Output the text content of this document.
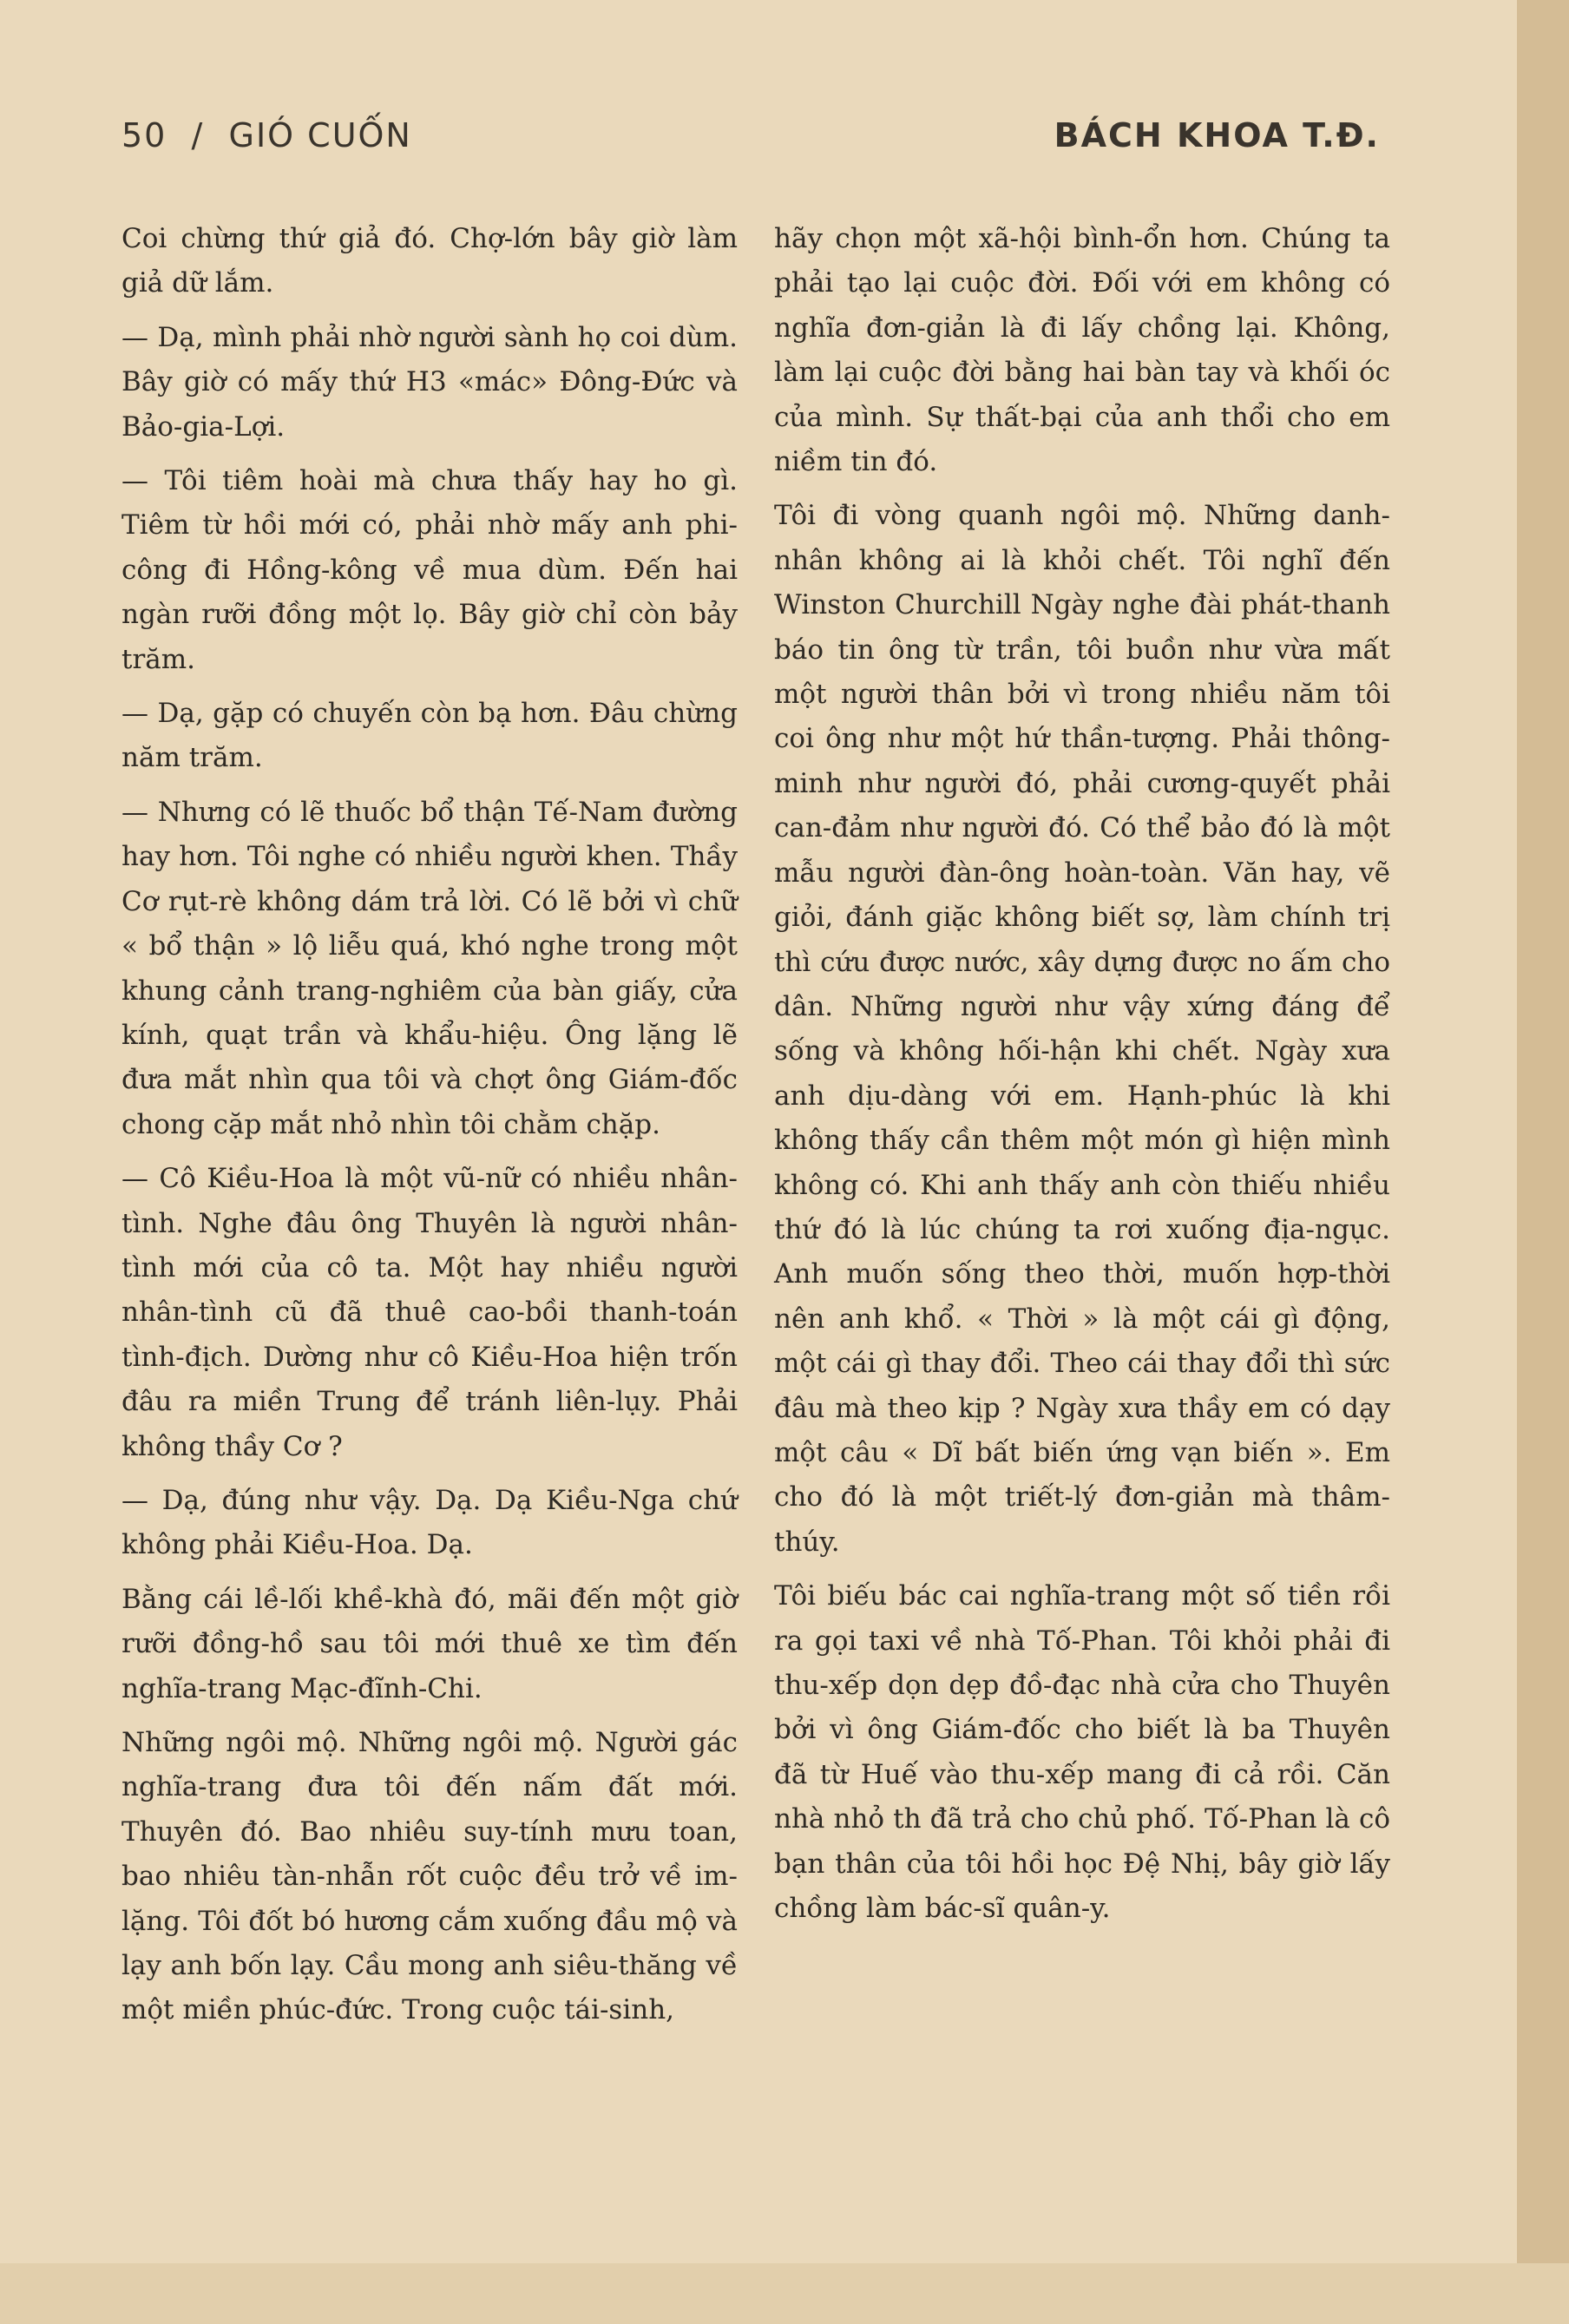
50 / GIÓ CUỐN	BÁCH KHOA T.Đ.

Coi chừng thứ giả đó. Chợ-lớn bây giờ làm giả dữ lắm.

— Dạ, mình phải nhờ người sành họ coi dùm. Bây giờ có mấy thứ H3 «mác» Đông-Đức và Bảo-gia-Lợi.

— Tôi tiêm hoài mà chưa thấy hay ho gì. Tiêm từ hồi mới có, phải nhờ mấy anh phi-công đi Hồng-kông về mua dùm. Đến hai ngàn rưỡi đồng một lọ. Bây giờ chỉ còn bảy trăm.

— Dạ, gặp có chuyến còn bạ hơn. Đâu chừng năm trăm.

— Nhưng có lẽ thuốc bổ thận Tế-Nam đường hay hơn. Tôi nghe có nhiều người khen. Thầy Cơ rụt-rè không dám trả lời. Có lẽ bởi vì chữ « bổ thận » lộ liễu quá, khó nghe trong một khung cảnh trang-nghiêm của bàn giấy, cửa kính, quạt trần và khẩu-hiệu. Ông lặng lẽ đưa mắt nhìn qua tôi và chợt ông Giám-đốc chong cặp mắt nhỏ nhìn tôi chằm chặp.

— Cô Kiều-Hoa là một vũ-nữ có nhiều nhân-tình. Nghe đâu ông Thuyên là người nhân-tình mới của cô ta. Một hay nhiều người nhân-tình cũ đã thuê cao-bồi thanh-toán tình-địch. Dường như cô Kiều-Hoa hiện trốn đâu ra miền Trung để tránh liên-lụy. Phải không thầy Cơ ?

— Dạ, đúng như vậy. Dạ. Dạ Kiều-Nga chứ không phải Kiều-Hoa. Dạ.

Bằng cái lề-lối khề-khà đó, mãi đến một giờ rưỡi đồng-hồ sau tôi mới thuê xe tìm đến nghĩa-trang Mạc-đĩnh-Chi.

Những ngôi mộ. Những ngôi mộ. Người gác nghĩa-trang đưa tôi đến nấm đất mới. Thuyên đó. Bao nhiêu suy-tính mưu toan, bao nhiêu tàn-nhẫn rốt cuộc đều trở về im-lặng. Tôi đốt bó hương cắm xuống đầu mộ và lạy anh bốn lạy. Cầu mong anh siêu-thăng về một miền phúc-đức. Trong cuộc tái-sinh,

hãy chọn một xã-hội bình-ổn hơn. Chúng ta phải tạo lại cuộc đời. Đối với em không có nghĩa đơn-giản là đi lấy chồng lại. Không, làm lại cuộc đời bằng hai bàn tay và khối óc của mình. Sự thất-bại của anh thổi cho em niềm tin đó.

Tôi đi vòng quanh ngôi mộ. Những danh-nhân không ai là khỏi chết. Tôi nghĩ đến Winston Churchill Ngày nghe đài phát-thanh báo tin ông từ trần, tôi buồn như vừa mất một người thân bởi vì trong nhiều năm tôi coi ông như một hứ thần-tượng. Phải thông-minh như người đó, phải cương-quyết phải can-đảm như người đó. Có thể bảo đó là một mẫu người đàn-ông hoàn-toàn. Văn hay, vẽ giỏi, đánh giặc không biết sợ, làm chính trị thì cứu được nước, xây dựng được no ấm cho dân. Những người như vậy xứng đáng để sống và không hối-hận khi chết. Ngày xưa anh dịu-dàng với em. Hạnh-phúc là khi không thấy cần thêm một món gì hiện mình không có. Khi anh thấy anh còn thiếu nhiều thứ đó là lúc chúng ta rơi xuống địa-ngục. Anh muốn sống theo thời, muốn hợp-thời nên anh khổ. « Thời » là một cái gì động, một cái gì thay đổi. Theo cái thay đổi thì sức đâu mà theo kịp ? Ngày xưa thầy em có dạy một câu « Dĩ bất biến ứng vạn biến ». Em cho đó là một triết-lý đơn-giản mà thâm-thúy.

Tôi biếu bác cai nghĩa-trang một số tiền rồi ra gọi taxi về nhà Tố-Phan. Tôi khỏi phải đi thu-xếp dọn dẹp đồ-đạc nhà cửa cho Thuyên bởi vì ông Giám-đốc cho biết là ba Thuyên đã từ Huế vào thu-xếp mang đi cả rồi. Căn nhà nhỏ th đã trả cho chủ phố. Tố-Phan là cô bạn thân của tôi hồi học Đệ Nhị, bây giờ lấy chồng làm bác-sĩ quân-y.
